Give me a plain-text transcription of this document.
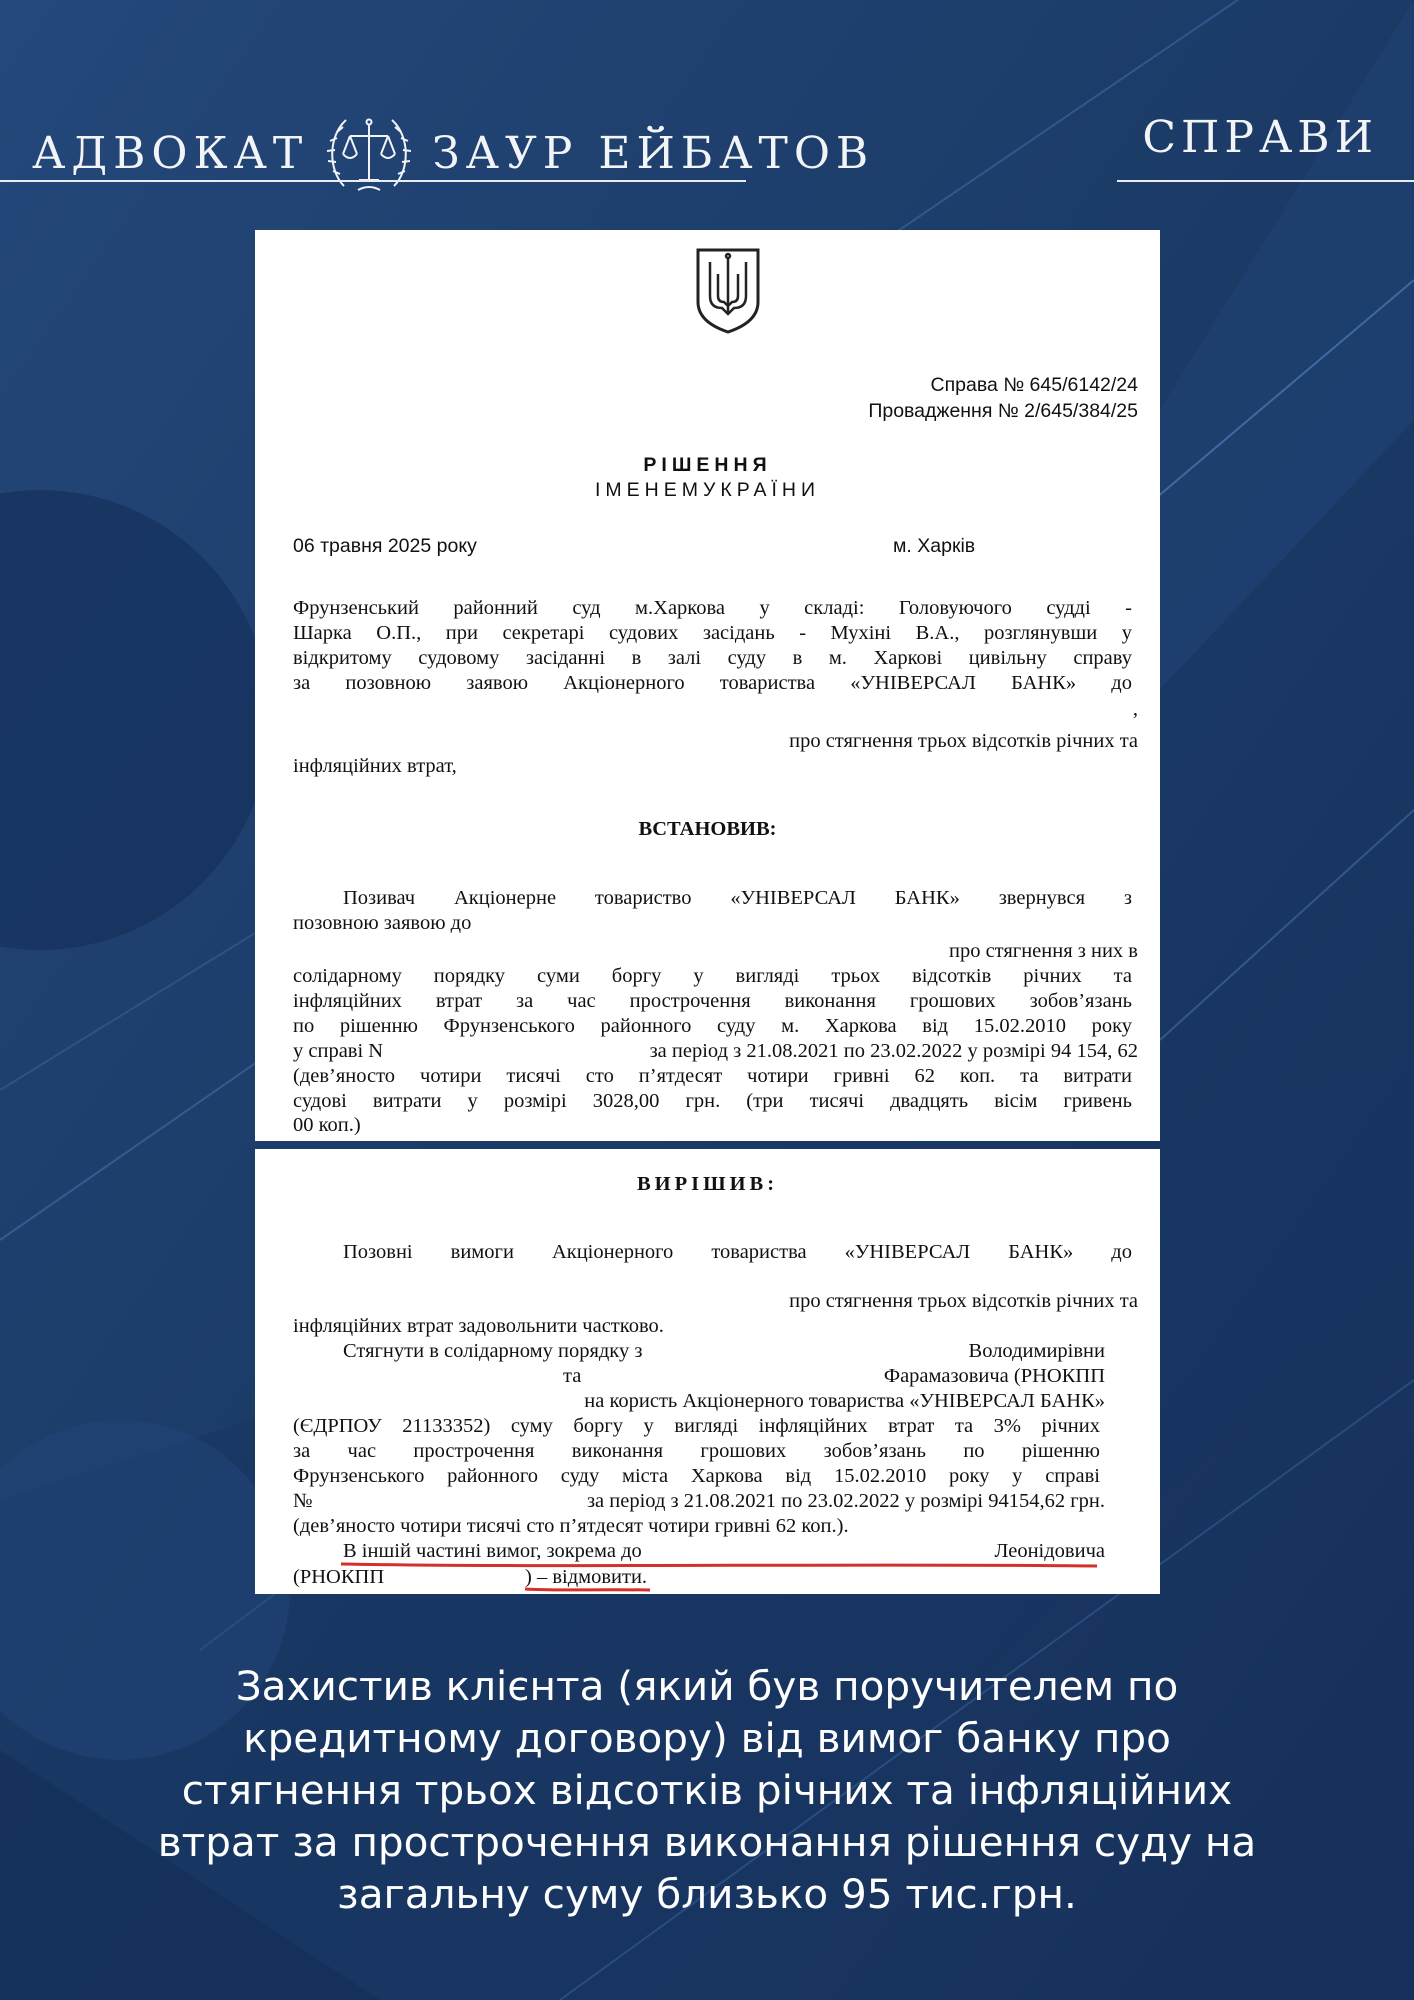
АДВОКАТ	ЗАУР ЕЙБАТОВ	СПРАВИ
Справа № 645/6142/24
Провадження № 2/645/384/25
РІШЕННЯ
ІМЕНЕМУКРАЇНИ
06 травня 2025 року	м. Харків
Фрунзенський районний суд м.Харкова у складі: Головуючого судді -
Шарка О.П., при секретарі судових засідань - Мухіні В.А., розглянувши у
відкритому судовому засіданні в залі суду в м. Харкові цивільну справу
за позовною заявою Акціонерного товариства «УНІВЕРСАЛ БАНК» до
,
про стягнення трьох відсотків річних та
інфляційних втрат,
ВСТАНОВИВ:
Позивач Акціонерне товариство «УНІВЕРСАЛ БАНК» звернувся з
позовною заявою до
про стягнення з них в
солідарному порядку суми боргу у вигляді трьох відсотків річних та
інфляційних втрат за час прострочення виконання грошових зобов’язань
по рішенню Фрунзенського районного суду м. Харкова від 15.02.2010 року
у справі N	за період з 21.08.2021 по 23.02.2022 у розмірі 94 154, 62
(дев’яносто чотири тисячі сто п’ятдесят чотири гривні 62 коп. та витрати
судові витрати у розмірі 3028,00 грн. (три тисячі двадцять вісім гривень
00 коп.)
ВИРІШИВ:
Позовні вимоги Акціонерного товариства «УНІВЕРСАЛ БАНК» до
про стягнення трьох відсотків річних та
інфляційних втрат задовольнити частково.
Стягнути в солідарному порядку з	Володимирівни
та	Фарамазовича (РНОКПП
на користь Акціонерного товариства «УНІВЕРСАЛ БАНК»
(ЄДРПОУ 21133352) суму боргу у вигляді інфляційних втрат та 3% річних
за час прострочення виконання грошових зобов’язань по рішенню
Фрунзенського районного суду міста Харкова від 15.02.2010 року у справі
№	за період з 21.08.2021 по 23.02.2022 у розмірі 94154,62 грн.
(дев’яносто чотири тисячі сто п’ятдесят чотири гривні 62 коп.).
В іншій частині вимог, зокрема до	Леонідовича
(РНОКПП	) – відмовити.
Захистив клієнта (який був поручителем по
кредитному договору) від вимог банку про
стягнення трьох відсотків річних та інфляційних
втрат за прострочення виконання рішення суду на
загальну суму близько 95 тис.грн.
